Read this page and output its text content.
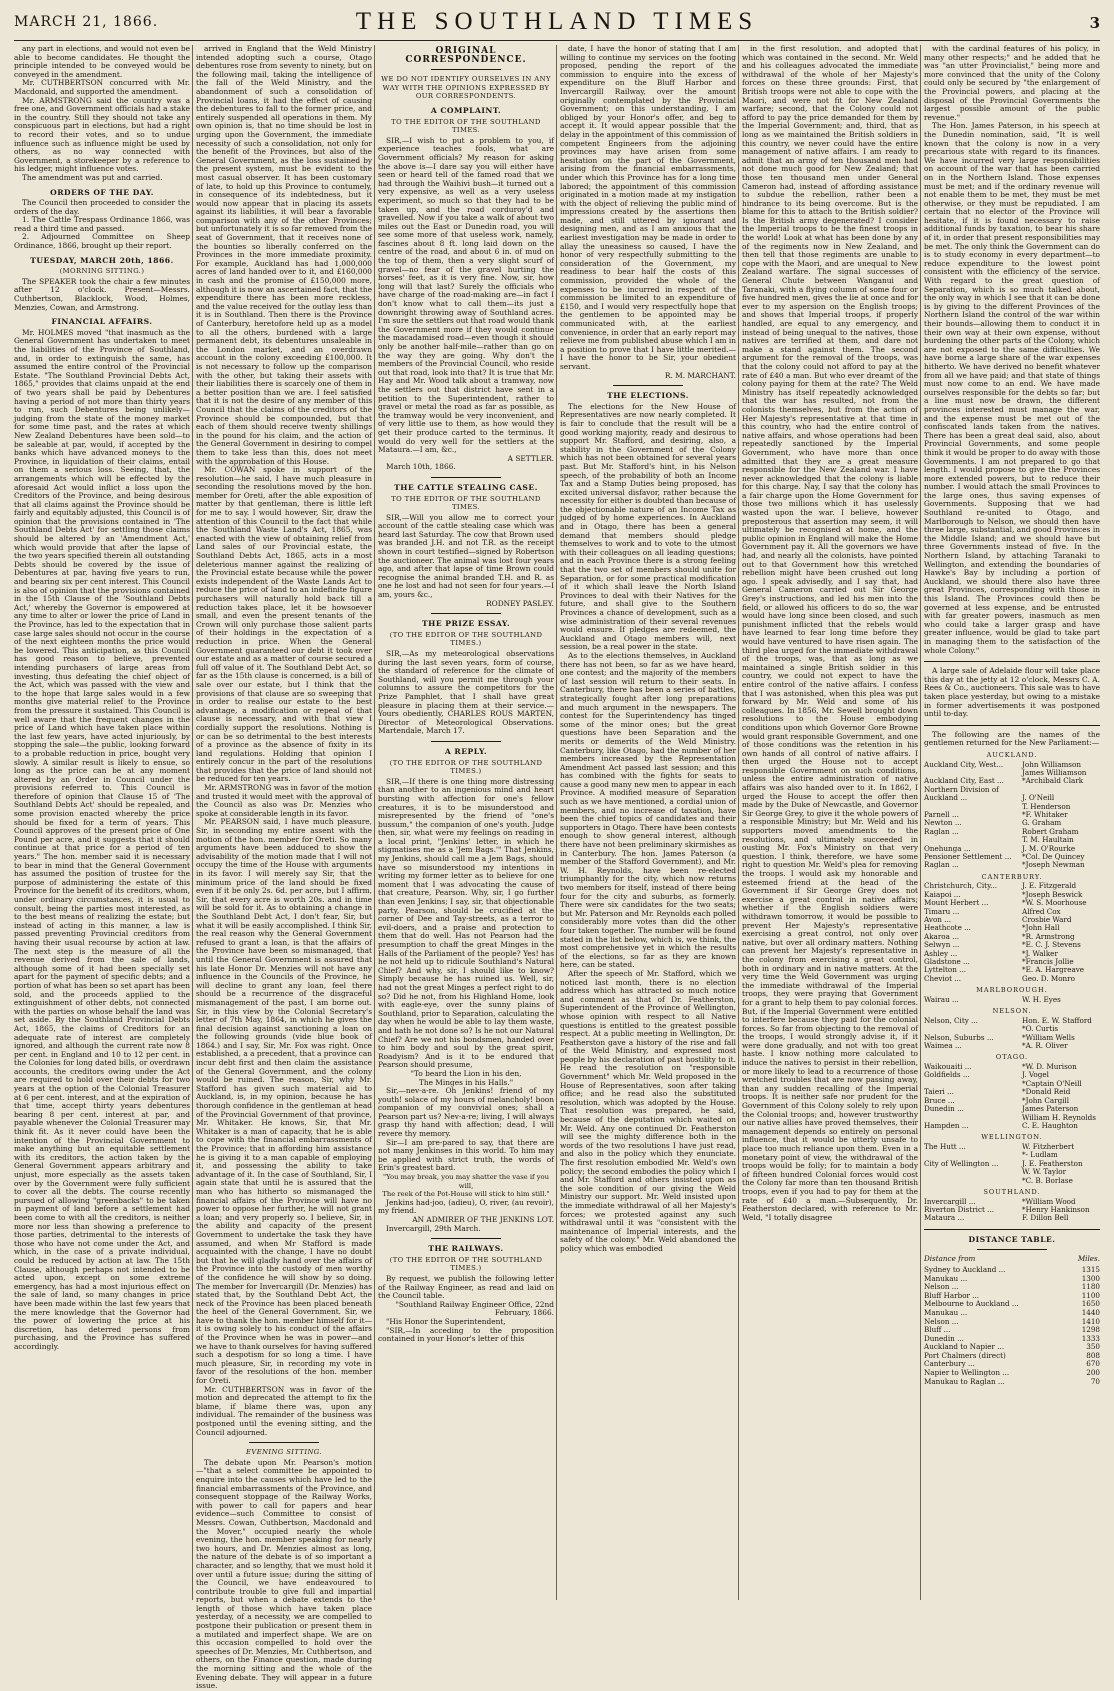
MARCH 21, 1866.	THE SOUTHLAND TIMES	3

any part in elections, and would not even be able to become candidates. He thought the principle intended to be conveyed would be conveyed in the amendment.

Mr. CUTHBERTSON concurred with Mr. Macdonald, and supported the amendment.

Mr. ARMSTRONG said the country was a free one, and Government officials had a stake in the country. Still they should not take any conspicuous part in elections, but had a right to record their votes, and so to undue influence such as influence might be used by others, as no way connected with Government, a storekeeper by a reference to his ledger, might influence votes.

The amendment was put and carried.

ORDERS OF THE DAY.

The Council then proceeded to consider the orders of the day.

1. The Cattle Trespass Ordinance 1866, was read a third time and passed.

2. Adjourned Committee on Sheep Ordinance, 1866, brought up their report.

TUESDAY, MARCH 20th, 1866.

(MORNING SITTING.)

The SPEAKER took the chair a few minutes after 12 o'clock. Present—Messrs. Cuthbertson, Blacklock, Wood, Holmes, Menzies, Cowan, and Armstrong.

FINANCIAL AFFAIRS.

Mr. HOLMES moved "that inasmuch as the General Government has undertaken to meet the liabilities of the Province of Southland, and, in order to extinguish the same, has assumed the entire control of the Provincial Estate. "The Southland Provincial Debts Act, 1865," provides that claims unpaid at the end of two years shall be paid by Debentures having a period of not more than thirty years to run, such Debentures being unlikely—judging from the state of the money market for some time past, and the rates at which New Zealand Debentures have been sold—to be saleable at par, would, if accepted by the banks which have advanced moneys to the Province, in liquidation of their claims, entail on them a serious loss. Seeing, that, the arrangements which will be effected by the aforesaid Act would inflict a loss upon the Creditors of the Province, and being desirous that all claims against the Province should be fairly and equitably adjusted, this Council is of opinion that the provisions contained in 'The Southland Debts Act' for settling those claims should be altered by an 'Amendment Act,' which would provide that after the lapse of the two years specified therein all outstanding Debts should be covered by the issue of Debentures at par, having five years to run, and bearing six per cent interest. This Council is also of opinion that the provisions contained in the 15th Clause of the 'Southland Debts Act,' whereby the Governor is empowered at any time to alter or lower the price of Land in the Province, has led to the expectation that in case large sales should not occur in the course of the next eighteen months the price would be lowered. This anticipation, as this Council has good reason to believe, prevented intending purchasers of large areas from investing, thus defeating the chief object of the Act, which was passed with the view and to the hope that large sales would in a few months give material relief to the Province from the pressure it sustained. This Council is well aware that the frequent changes in the price of Land which have taken place within the last few years, have acted injuriously, by stopping the sale—the public, looking forward to a probable reduction in price, bought very slowly. A similar result is likely to ensue, so long as the price can be at any moment altered by an Order in Council under the provisions referred to. This Council is therefore of opinion that Clause 15 of 'The Southland Debts Act' should be repealed, and some provision enacted whereby the price should be fixed for a term of years. This Council approves of the present price of One Pound per acre, and it suggests that it should continue at that price for a period of ten years." The hon. member said it is necessary to bear in mind that the General Government has assumed the position of trustee for the purpose of administering the estate of this Province for the benefit of its creditors, whom, under ordinary circumstances, it is usual to consult, being the parties most interested, as to the best means of realizing the estate; but instead of acting in this manner, a law is passed preventing Provincial creditors from having their usual recourse by action at law. The next step is the measure of all the revenue derived from the sale of lands, although some of it had been specially set apart for the payment of specific debts; and a portion of what has been so set apart has been sold, and the proceeds applied to the extinguishment of other debts, not connected with the parties on whose behalf the land was set aside. By the Southland Provincial Debts Act, 1865, the claims of Creditors for an adequate rate of interest are completely ignored, and although the current rate now 8 per cent. in England and 10 to 12 per cent. in the Colonies for long dated bills, or overdrawn accounts, the creditors owing under the Act are required to hold over their debts for two years at the option of the Colonial Treasurer at 6 per cent. interest, and at the expiration of that time, accept thirty years debentures bearing 8 per cent. interest at par, and payable whenever the Colonial Treasurer may think fit. As it never could have been the intention of the Provincial Government to make anything but an equitable settlement with its creditors, the action taken by the General Government appears arbitrary and unjust, more especially as the assets taken over by the Government were fully sufficient to cover all the debts. The course recently pursued of allowing "greenbacks" to be taken in payment of land before a settlement had been come to with all the creditors, is neither more nor less than showing a preference to those parties, detrimental to the interests of those who have not come under the Act, and which, in the case of a private individual, could be reduced by action at law. The 15th Clause, although perhaps not intended to be acted upon, except on some extreme emergency, has had a most injurious effect on the sale of land, so many changes in price have been made within the last few years that the mere knowledge that the Governor had the power of lowering the price at his discretion, has deterred persons from purchasing, and the Province has suffered accordingly.

arrived in England that the Weld Ministry intended adopting such a course, Otago debentures rose from seventy to ninety, but on the following mail, taking the intelligence of the fall of the Weld Ministry, and the abandonment of such a consolidation of Provincial loans, it had the effect of causing the debentures to fall to the former price, and entirely suspended all operations in them. My own opinion is, that no time should be lost in urging upon the Government, the immediate necessity of such a consolidation, not only for the benefit of the Provinces, but also of the General Government, as the loss sustained by the present system, must be evident to the most casual observer. It has been customary of late, to hold up this Province to contumely, in consequence of its indebtedness, but it would now appear that in placing its assets against its liabilities, it will bear a favorable comparison with any of the other Provinces; but unfortunately it is so far removed from the seat of Government, that it receives none of the bounties so liberally conferred on the Provinces in the more immediate proximity. For example, Auckland has had 1,000,000 acres of land handed over to it, and £160,000 in cash and the promise of £150,000 more, although it is now an ascertained fact, that the expenditure there has been more reckless, and the value received for the outlay less than it is in Southland. Then there is the Province of Canterbury, heretofore held up as a model to all the others, burdened with a large permanent debt, its debentures unsaleable in the London market, and an overdrawn account in the colony exceeding £100,000. It is not necessary to follow up the comparison with the other, but taking their assets with their liabilities there is scarcely one of them in a better position than we are. I feel satisfied that it is not the desire of any member of this Council that the claims of the creditors of the Province should be compounded, but that each of them should receive twenty shillings in the pound for his claim, and the action of the General Government in desiring to compel them to take less than this, does not meet with the approbation of this House.

Mr. COWAN spoke in support of the resolution—he said, I have much pleasure in seconding the resolutions moved by the hon. member for Oreti, after the able exposition of matter by that gentleman, there is little left for me to say. I would however, Sir, draw the attention of this Council to the fact that while the Southland Waste Land's Act, 1865, was enacted with the view of obtaining relief from Land sales of our Provincial estate, the Southland Debts Act, 1865, acts in a most deleterious manner against the realizing of the Provincial estate because while the power exists independent of the Waste Lands Act to reduce the price of land to an indefinite figure purchasers will naturally hold back till a reduction takes place, let it be howsoever small, and even the present tenants of the Crown will only purchase those salient parts of their holdings in the expectation of a reduction in price. When the General Government guaranteed our debt it took over our estate and as a matter of course secured a full off value of it. The Southland Debt Act, so far as the 15th clause is concerned, is a bill of sale over our estate, but I think that the provisions of that clause are so sweeping that in order to realise our estate to the best advantage, a modification or repeal of that clause is necessary, and with that view I cordially support the resolutions. Nothing is or can be so detrimental to the best interests of a province as the absence of fixity in its land regulations. Holding that opinion I entirely concur in the part of the resolutions that provides that the price of land should not be reduced for ten years.

Mr. ARMSTRONG was in favor of the motion and trusted it would meet with the approval of the Council as also was Dr. Menzies who spoke at considerable length in its favor.

Mr. PEARSON said, I have much pleasure, Sir, in seconding my entire assent with the motion of the hon. member for Oreti. So many arguments have been adduced to show the advisability of the motion made that I will not occupy the time of the House with arguments in its favor. I will merely say Sir, that the minimum price of the land should be fixed even if it be only 2s. 6d. per acre, but I affirm, Sir, that every acre is worth 20s. and in time will be sold for it. As to obtaining a change in the Southland Debt Act, I don't fear, Sir, but what it will be easily accomplished. I think Sir, the real reason why the General Government refused to grant a loan, is that the affairs of the Province have been so mismanaged, that until the General Government is assured that his late Honor Dr. Menzies will not have any influence in the Councils of the Province, he will decline to grant any loan, feel there should be a recurrence of the disgraceful mismanagement of the past, I am borne out. Sir, in this view by the Colonial Secretary's letter of 7th May, 1864, in which he gives the final decision against sanctioning a loan on the following grounds (vide blue book of 1864.) and I say, Sir, Mr. Fox was right. Once established, a a precedent, that a province can incur debt first and then claim the assistance of the General Government, and the colony would be ruined. The reason, Sir, why Mr. Stafford has given such material aid to Auckland, is, in my opinion, because he has thorough confidence in the gentleman at head of the Provincial Government of that province, Mr. Whitaker. He knows, Sir, that Mr. Whitaker is a man of capacity, that he is able to cope with the financial embarrassments of the Province; that in affording him assistance he is giving it to a man capable of employing it, and possessing the ability to take advantage of it. In the case of Southland, Sir, I again state that until he is assured that the man who has hitherto so mismanaged the financial affairs of the Province will have no power to oppose her further, he will not grant a loan; and very properly so. I believe, Sir, in the ability and capacity of the present Government to undertake the task they have assumed, and when Mr Stafford is made acquainted with the change, I have no doubt but that he will gladly hand over the affairs of the Province into the custody of men worthy of the confidence he will show by so doing. The member for Invercargill (Dr. Menzies) has stated that, by the Southland Debt Act, the neck of the Province has been placed beneath the heel of the General Government. Sir, we have to thank the hon. member himself for it—it is owing solely to his conduct of the affairs of the Province when he was in power—and we have to thank ourselves for having suffered such a despotism for so long a time. I have much pleasure, Sir, in recording my vote in favor of the resolutions of the hon. member for Oreti.

Mr. CUTHBERTSON was in favor of the motion and deprecated the attempt to fix the blame, if blame there was, upon any individual. The remainder of the business was postponed until the evening sitting, and the Council adjourned.

EVENING SITTING.

The debate upon Mr. Pearson's motion—"that a select committee be appointed to enquire into the causes which have led to the financial embarrassments of the Province, and consequent stoppage of the Railway Works, with power to call for papers and hear evidence—such Committee to consist of Messrs. Cowan, Cuthbertson, Macdonald and the Mover," occupied nearly the whole evening, the hon. member speaking for nearly two hours, and Dr. Menzies almost as long, the nature of the debate is of so important a character, and so lengthy, that we must hold it over until a future issue; during the sitting of the Council, we have endeavoured to contribute trouble to give full and impartial reports, but when a debate extends to the length of those which have taken place yesterday, of a necessity, we are compelled to postpone their publication or present them in a mutilated and imperfect shape. We are on this occasion compelled to hold over the speeches of Dr. Menzies, Mr. Cuthbertson, and others, on the Finance question, made during the morning sitting and the whole of the Evening debate. They will appear in a future issue.

ORIGINAL CORRESPONDENCE.

WE DO NOT IDENTIFY OURSELVES IN ANY WAY WITH THE OPINIONS EXPRESSED BY OUR CORRESPONDENTS.

A COMPLAINT.

TO THE EDITOR OF THE SOUTHLAND TIMES.

SIR,—I wish to put a problem to you, if experience teaches fools, what are Government officials? My reason for asking the above is—I dare say you will either have seen or heard tell of the famed road that we had through the Waihivi bush—it turned out a very expensive, as well as a very useless experiment, so much so that they had to be taken up, and the road corduroy'd and gravelled. Now if you take a walk of about two miles out the East or Dunedin road, you will see some more of that useless work, namely, fascines about 8 ft. long laid down on the centre of the road, and about 6 in. of mud on the top of them, then a very slight scurf of gravel—no fear of the gravel hurting the horses' feet, as it is very fine. Now, sir, how long will that last? Surely the officials who have charge of the road-making are—in fact I don't know what to call them—its just a downright throwing away of Southland acres. I'm sure the settlers out that road would thank the Government more if they would continue the macadamised road—even though it should only be another half-mile—rather than go on the way they are going. Why don't the members of the Provincial Council, who reside out that road, look into that? It is true that Mr. Hay and Mr. Wood talk about a tramway, now the settlers out that district have sent in a petition to the Superintendent, rather to gravel or metal the road as far as possible, as the tramway would be very inconvenient, and of very little use to them, as how would they get their produce carted to the terminus. It would do very well for the settlers at the Mataura.—I am, &c.,

A SETTLER.

March 10th, 1866.

THE CATTLE STEALING CASE.

TO THE EDITOR OF THE SOUTHLAND TIMES.

SIR,—Will you allow me to correct your account of the cattle stealing case which was heard last Saturday. The cow that Brown used was branded J.H. and not T.R. as the receipt shown in court testified—signed by Robertson the auctioneer. The animal was lost four years ago, and after that lapse of time Brown could recognise the animal branded T.H. and R. as one he lost and had not seen for four years.—I am, yours &c.,

RODNEY PASLEY.

THE PRIZE ESSAY.

(TO THE EDITOR OF THE SOUTHLAND TIMES.)

SIR,—As my meteorological observations during the last seven years, form of course, the standard of reference for the climate of Southland, will you permit me through your columns to assure the competitors for the Prize Pamphlet, that I shall have great pleasure in placing them at their service.—Yours obediently, CHARLES ROUS MARTEN, Director of Meteorological Observations. Martendale, March 17.

A REPLY.

(TO THE EDITOR OF THE SOUTHLAND TIMES.)

SIR,—If there is one thing more distressing than another to an ingenious mind and heart bursting with affection for one's fellow creatures, it is to be misunderstood and misrepresented by the friend of "one's bussum," the companion of one's youth. Judge then, sir, what were my feelings on reading in a local print, "Jenkins' letter, in which he stigmatises me as a 'Jem Bags.'" That Jenkins, my Jenkins, should call me a Jem Bags, should have so misunderstood my intentions in writing my former letter as to believe for one moment that I was advocating the cause of that creature, Pearson. Why, sir, I go further than even Jenkins; I say, sir, that objectionable party, Pearson, should be crucified at the corner of Dee and Tay-streets, as a terror to evil-doers, and a praise and protection to them that do well. Has not Pearson had the presumption to chaff the great Minges in the Halls of the Parliament of the people? Yes! has he not held up to ridicule Southland's Natural Chief? And why, sir, I should like to know? Simply because he has ruined us. Well, sir, had not the great Minges a perfect right to do so? Did he not, from his Highland Home, look with eagle-eye, over the sunny plains of Southland, prior to Separation, calculating the day when he would be able to lay them waste, and hath he not done so? Is he not our Natural Chief? Are we not his bondsmen, handed over to him body and soul by the great spirit, Roadyism? And is it to be endured that Pearson should presume,

"To beard the Lion in his den,

The Minges in his Halls."

Sir,—nev-a-re. Oh Jenkins! friend of my youth! solace of my hours of melancholy! boon companion of my convivial ones; shall a Pearson part us? Nev-a-re; living, I will always grasp thy hand with affection; dead, I will revere thy memory.

Sir—I am pre-pared to say, that there are not many Jenkinses in this world. To him may be applied with strict truth, the words of Erin's greatest bard.

"You may break, you may shatter the vase if you will,

The reek of the Pot-House will stick to him still."

Jenkins had-joo, (adieu), O, river, (au revoir), my friend.

AN ADMIRER OF THE JENKINS LOT.

Invercargill, 29th March.

THE RAILWAYS.

(TO THE EDITOR OF THE SOUTHLAND TIMES.)

By request, we publish the following letter of the Railway Engineer, as read and laid on the Council table.

"Southland Railway Engineer Office, 22nd February, 1866.

"His Honor the Superintendent,

"SIR,—In acceding to the proposition contained in your Honor's letter of this

date, I have the honor of stating that I am willing to continue my services on the footing proposed, pending the report of the commission to enquire into the excess of expenditure on the Bluff Harbor and Invercargill Railway, over the amount originally contemplated by the Provincial Government; on this understanding, I am obliged by your Honor's offer, and beg to accept it. It would appear possible that the delay in the appointment of this commission of competent Engineers from the adjoining provinces may have arisen from some hesitation on the part of the Government, arising from the financial embarrassments, under which this Province has for a long time labored; the appointment of this commission originated in a motion made at my instigation with the object of relieving the public mind of impressions created by the assertions then made, and still uttered by ignorant and designing men, and as I am anxious that the earliest investigation may be made in order to allay the uneasiness so caused, I have the honor of very respectfully submitting to the consideration of the Government, my readiness to bear half the costs of this commission, provided the whole of the expenses to be incurred in respect of the commission be limited to an expenditure of £150, and I would very respectfully hope that the gentlemen to be appointed may be communicated with, at the earliest convenience, in order that an early report may relieve me from published abuse which I am in a position to prove that I have little merited.—I have the honor to be Sir, your obedient servant.

R. M. MARCHANT.

THE ELECTIONS.

The elections for the New House of Representatives are now nearly completed. It is fair to conclude that the result will be a good working majority, ready and desirous to support Mr. Stafford, and desiring, also, a stability in the Government of the Colony which has not been obtained for several years past. But Mr. Stafford's hint, in his Nelson speech, of the probability of both an Income Tax and a Stamp Duties being proposed, has excited universal disfavor, rather because the necessity for either is doubted than because of the objectionable nature of an Income Tax as judged of by home experiences. In Auckland and in Otago, there has been a general demand that members should pledge themselves to work and to vote to the utmost with their colleagues on all leading questions; and in each Province there is a strong feeling that the two set of members should unite for Separation, or for some practical modification of it which shall leave the North Island Provinces to deal with their Natives for the future, and shall give to the Southern Provinces a chance of development, such as a wise administration of their several revenues would ensure. If pledges are redeemed, the Auckland and Otago members will, next session, be a real power in the state.

As to the elections themselves, in Auckland there has not been, so far as we have heard, one contest; and the majority of the members of last session will return to their seats. In Canterbury, there has been a series of battles, strategically fought after long preparations and much argument in the newspapers. The contest for the Superintendency has tinged some of the minor ones; but the great questions have been Separation and the merits or demerits of the Weld Ministry. Canterbury, like Otago, had the number of her members increased by the Representation Amendment Act passed last session; and this has combined with the fights for seats to cause a good many new men to appear in each Province. A modified measure of Separation such as we have mentioned, a cordial union of members, and no increase of taxation, have been the chief topics of candidates and their supporters in Otago. There have been contests enough to show general interest, although there have not been preliminary skirmishes as in Canterbury. The hon. James Paterson (a member of the Stafford Government), and Mr. W. H. Reynolds, have been re-elected triumphantly for the city, which now returns two members for itself, instead of there being four for the city and suburbs, as formerly. There were six candidates for the two seats; but Mr. Paterson and Mr. Reynolds each polled considerably more votes than did the other four taken together. The number will be found stated in the list below, which is, we think, the most comprehensive yet in which the results of the elections, so far as they are known here, can be stated.

After the speech of Mr. Stafford, which we noticed last month, there is no election address which has attracted so much notice and comment as that of Dr. Featherston, Superintendent of the Province of Wellington, whose opinion with respect to all Native questions is entitled to the greatest possible respect. At a public meeting in Wellington, Dr. Featherston gave a history of the rise and fall of the Weld Ministry, and expressed most people by his declaration of past hostility to it. He read the resolution on "responsible Government" which Mr. Weld proposed in the House of Representatives, soon after taking office; and he read also the substituted resolution, which was adopted by the House. That resolution was prepared, he said, because of the deputation which waited on Mr. Weld. Any one continued Dr. Featherston will see the mighty difference both in the words of the two resolutions I have just read, and also in the policy which they enunciate. The first resolution embodied Mr. Weld's own policy; the second embodies the policy which I and Mr. Stafford and others insisted upon as the sole condition of our giving the Weld Ministry our support. Mr. Weld insisted upon the immediate withdrawal of all her Majesty's forces; we protested against any such withdrawal until it was "consistent with the maintenance of Imperial interests, and the safety of the colony." Mr. Weld abandoned the policy which was embodied

in the first resolution, and adopted that which was contained in the second. Mr. Weld and his colleagues advocated the immediate withdrawal of the whole of her Majesty's forces on these three grounds: First, that British troops were not able to cope with the Maori, and were not fit for New Zealand warfare; second, that the Colony could not afford to pay the price demanded for them by the Imperial Government; and, third, that as long as we maintained the British soldiers in this country, we never could have the entire management of native affairs. I am ready to admit that an army of ten thousand men had not done much good for New Zealand; that those ten thousand men under General Cameron had, instead of affording assistance to subdue the rebellion, rather been a hindrance to its being overcome. But is the blame for this to attach to the British soldier? Is the British army degenerated? I consider the Imperial troops to be the finest troops in the world! Look at what has been done by any of the regiments now in New Zealand, and then tell that those regiments are unable to cope with the Maori, and are unequal to New Zealand warfare. The signal successes of General Chute between Wanganui and Taranaki, with a flying column of some four or five hundred men, gives the lie at once and for ever to my aspersion on the English troops; and shows that Imperial troops, if properly handled, are equal to any emergency, and instead of being unequal to the natives, those natives are terrified at them, and dare not make a stand against them. The second argument for the removal of the troops, was that the colony could not afford to pay at the rate of £40 a man. But who ever dreamt of the colony paying for them at the rate? The Weld Ministry has itself repeatedly acknowledged that the war has resulted, not from the colonists themselves, but from the action of Her Majesty's representative at that time in this country, who had the entire control of native affairs, and whose operations had been repeatedly sanctioned by the Imperial Government, who have more than once admitted that they are a great measure responsible for the New Zealand war. I have never acknowledged that the colony is liable for this charge. Nay, I say that the colony has a fair charge upon the Home Government for those two millions which it has uselessly wasted upon the war. I believe, however preposterous that assertion may seem, it will ultimately be recognised at home, and the public opinion in England will make the Home Government pay it. All the governors we have had, and nearly all the colonists, have pointed out to that Government how this wretched rebellion might have been crushed out long ago. I speak advisedly, and I say that, had General Cameron carried out Sir George Grey's instructions, and led his men into the field, or allowed his officers to do so, the war would have long since been closed, and such punishment inflicted that the rebels would have learned to fear long time before they would have ventured to have risen again. The third plea urged for the immediate withdrawal of the troops, was, that as long as we maintained a single British soldier in this country, we could not expect to have the entire control of the native affairs. I confess that I was astonished, when this plea was put forward by Mr. Weld and some of his colleagues. In 1856, Mr. Sewell brought down resolutions to the House embodying conditions upon which Governor Gore Browne would grant responsible Government, and one of those conditions was the retention in his own hands of all control of native affairs. I then urged the House not to accept responsible Government on such conditions, unless the entire administration of native affairs was also handed over to it. In 1862, I urged the House to accept the offer then made by the Duke of Newcastle, and Governor Sir George Grey, to give it the whole powers of a responsible Ministry; but Mr. Weld and his supporters moved amendments to the resolutions, and ultimately succeeded in ousting Mr. Fox's Ministry on that very question. I think, therefore, we have some right to question Mr. Weld's plea for removing the troops. I would ask my honorable and esteemed friend at the head of the Government if Sir George Grey does not exercise a great control in native affairs; whether if the English soldiers were withdrawn tomorrow, it would be possible to prevent Her Majesty's representative exercising a great control, not only over native, but over all ordinary matters. Nothing can prevent her Majesty's representative in the colony from exercising a great control, both in ordinary and in native matters. At the very time the Weld Government was urging the immediate withdrawal of the Imperial troops, they were praying that Government for a grant to help them to pay colonial forces. But, if the Imperial Government were entitled to interfere because they paid for the colonial forces. So far from objecting to the removal of the troops, I would strongly advise it, if it were done gradually, and not with too great haste. I know nothing more calculated to induce the natives to persist in their rebellion, or more likely to lead to a recurrence of those wretched troubles that are now passing away, than any sudden recalling of the Imperial troops. It is neither safe nor prudent for the Government of this Colony solely to rely upon the Colonial troops; and, however trustworthy our native allies have proved themselves, their management depends so entirely on personal influence, that it would be utterly unsafe to place too much reliance upon them. Even in a monetary point of view, the withdrawal of the troops would be folly; for to maintain a body of fifteen hundred Colonial forces would cost the Colony far more than ten thousand British troops, even if you had to pay for them at the rate of £40 a man.—Subsequently, Dr. Featherston declared, with reference to Mr. Weld, "I totally disagree

with the cardinal features of his policy, in many other respects;" and he added that he was "an utter Provincialist," being more and more convinced that the unity of the Colony could only be secured by "the enlargement of the Provincial powers, and placing at the disposal of the Provincial Governments the largest possible amount of the public revenue."

The Hon. James Paterson, in his speech at the Dunedin nomination, said, "It is well known that the colony is now in a very precarious state with regard to its finances. We have incurred very large responsibilities on account of the war that has been carried on in the Northern Island. Those expenses must be met; and if the ordinary revenue will not enable them to be met, they must be met otherwise, or they must be repudiated. I am certain that no elector of the Province will hesitate, if it is found necessary to raise additional funds by taxation, to bear his share of it, in order that present responsibilities may be met. The only think the Government can do is to study economy in every department—to reduce expenditure to the lowest point consistent with the efficiency of the service. With regard to the great question of Separation, which is so much talked about, the only way in which I see that it can be done is by giving to the different Provinces of the Northern Island the control of the war within their bounds—allowing them to conduct it in their own way at their own expense, without burdening the other parts of the Colony, which are not exposed to the same difficulties. We have borne a large share of the war expenses hitherto. We have derived no benefit whatever from all we have paid; and that state of things must now come to an end. We have made ourselves responsible for the debts so far; but a line must now be drawn, the different provinces interested must manage the war, and the expense must be met out of the confiscated lands taken from the natives. There has been a great deal said, also, about Provincial Governments, and some people think it would be proper to do away with those Governments. I am not prepared to go that length. I would propose to give the Provinces more extended powers, but to reduce their number. I would attach the small Provinces to the large ones, thus saving expenses of Governments. Supposing that we had Southland re-united to Otago, and Marlborough to Nelson, we should then have three large, substantial, and good Provinces in the Middle Island; and we should have but three Governments instead of five. In the Northern Island, by attaching Taranaki to Wellington, and extending the boundaries of Hawke's Bay by including a portion of Auckland, we should there also have three great Provinces, corresponding with those in this Island. The Provinces could then be governed at less expense, and be entrusted with far greater powers, inasmuch as men who could take a larger grasp and have greater influence, would be glad to take part in managing them to the satisfaction of the whole Colony."

A large sale of Adelaide flour will take place this day at the jetty at 12 o'clock, Messrs C. A. Rees & Co., auctioneers. This sale was to have taken place yesterday, but owing to a mistake in former advertisements it was postponed until to-day.

The following are the names of the gentlemen returned for the New Parliament:—

AUCKLAND.

Auckland City, West...	John Williamson
James Williamson
Auckland City, East ...	*Archibald Clark
Northern Division of
Auckland ...	J. O'Neill
T. Henderson
Parnell ...	*F. Whitaker
Newton ...	G. Graham
Raglan ...	Robert Graham
T. M. Haultain
Onehunga ...	J. M. O'Rourke
Pensioner Settlement ...	*Col. De Quincey
Raglan ...	*Joseph Newman

CANTERBURY.

Christchurch, City...	J. E. Fitzgerald
Kaiapoi ...	*Joseph Beswick
Mount Herbert ...	*W. S. Moorhouse
Timaru ...	Alfred Cox
Avon ...	Crosbie Ward
Heathcote ...	*John Hall
Akaroa ...	*R. Armstrong
Selwyn ...	*E. C. J. Stevens
Ashley ...	*J. Walker
Gladstone ...	*Francis Jollie
Lyttelton ...	*E. A. Hargreave
Cheviot ...	Geo. D. Monro

MARLBOROUGH.

Wairau ...	W. H. Eyes

NELSON.

Nelson, City ...	Hon. E. W. Stafford
*O. Curtis
Nelson, Suburbs ...	*William Wells
Waimea ...	*A. R. Oliver

OTAGO.

Waikouaiti ...	*W. D. Murison
Goldfields ...	J. Vogel
*Captain O'Neill
Taieri ...	*Donald Reid
Bruce ...	*John Cargill
Dunedin ...	James Paterson
William H. Reynolds
Hampden ...	C. E. Haughton

WELLINGTON.

The Hutt ...	W. Fitzherbert
*- Ludlam
City of Wellington ...	J. E. Featherston
W. W. Taylor
*C. B. Borlase

SOUTHLAND.

Invercargill ...	*William Wood
Riverton District ...	*Henry Hankinson
Mataura ...	F. Dillon Bell

DISTANCE TABLE.

Distance from	Miles.
Sydney to Auckland ...	1315
Manukau ...	1300
Nelson ...	1180
Bluff Harbor ...	1100
Melbourne to Auckland ...	1650
Manukau ...	1440
Nelson ...	1410
Bluff ...	1298
Dunedin ...	1333
Auckland to Napier ...	350
Port Chalmers (direct)	808
Canterbury ...	670
Napier to Wellington ...	200
Manukau to Raglan ...	70
